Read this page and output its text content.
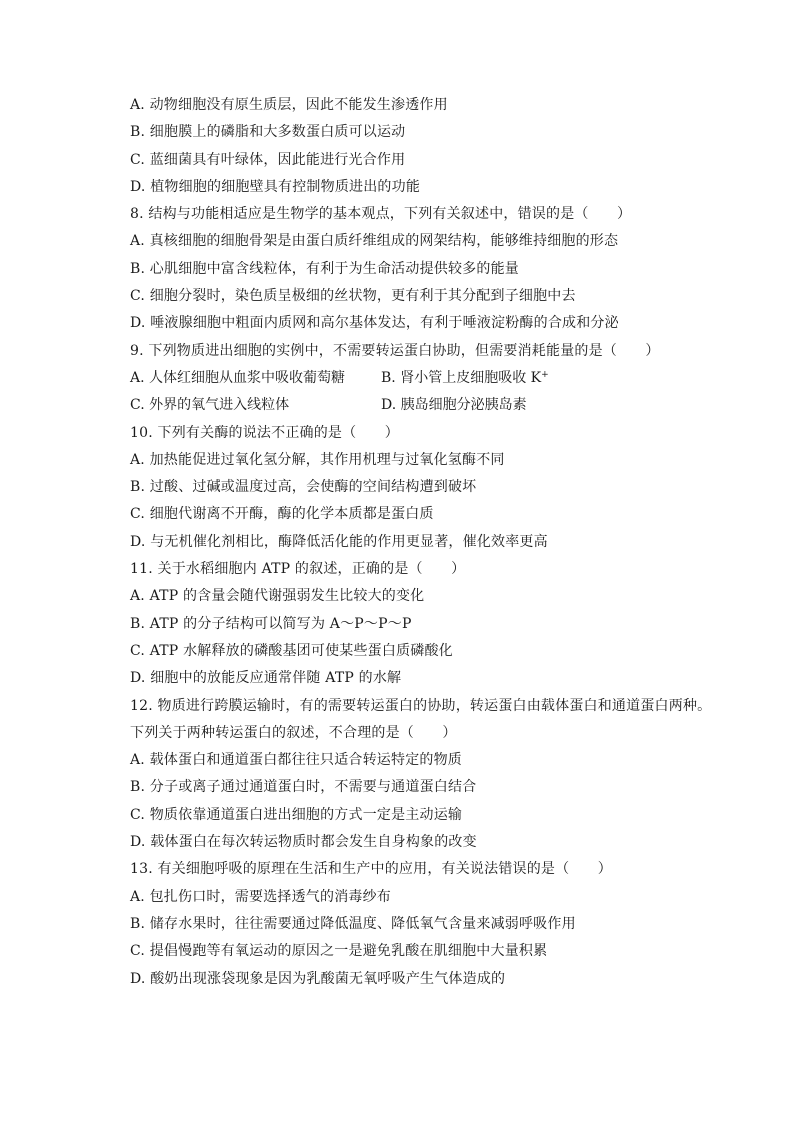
A. 动物细胞没有原生质层，因此不能发生渗透作用
B. 细胞膜上的磷脂和大多数蛋白质可以运动
C. 蓝细菌具有叶绿体，因此能进行光合作用
D. 植物细胞的细胞壁具有控制物质进出的功能
8. 结构与功能相适应是生物学的基本观点，下列有关叙述中，错误的是（　　）
A. 真核细胞的细胞骨架是由蛋白质纤维组成的网架结构，能够维持细胞的形态
B. 心肌细胞中富含线粒体，有利于为生命活动提供较多的能量
C. 细胞分裂时，染色质呈极细的丝状物，更有利于其分配到子细胞中去
D. 唾液腺细胞中粗面内质网和高尔基体发达，有利于唾液淀粉酶的合成和分泌
9. 下列物质进出细胞的实例中，不需要转运蛋白协助，但需要消耗能量的是（　　）
A. 人体红细胞从血浆中吸收葡萄糖	B. 肾小管上皮细胞吸收 K+
C. 外界的氧气进入线粒体	D. 胰岛细胞分泌胰岛素
10. 下列有关酶的说法不正确的是（　　）
A. 加热能促进过氧化氢分解，其作用机理与过氧化氢酶不同
B. 过酸、过碱或温度过高，会使酶的空间结构遭到破坏
C. 细胞代谢离不开酶，酶的化学本质都是蛋白质
D. 与无机催化剂相比，酶降低活化能的作用更显著，催化效率更高
11. 关于水稻细胞内 ATP 的叙述，正确的是（　　）
A. ATP 的含量会随代谢强弱发生比较大的变化
B. ATP 的分子结构可以简写为 A～P～P～P
C. ATP 水解释放的磷酸基团可使某些蛋白质磷酸化
D. 细胞中的放能反应通常伴随 ATP 的水解
12. 物质进行跨膜运输时，有的需要转运蛋白的协助，转运蛋白由载体蛋白和通道蛋白两种。
下列关于两种转运蛋白的叙述，不合理的是（　　）
A. 载体蛋白和通道蛋白都往往只适合转运特定的物质
B. 分子或离子通过通道蛋白时，不需要与通道蛋白结合
C. 物质依靠通道蛋白进出细胞的方式一定是主动运输
D. 载体蛋白在每次转运物质时都会发生自身构象的改变
13. 有关细胞呼吸的原理在生活和生产中的应用，有关说法错误的是（　　）
A. 包扎伤口时，需要选择透气的消毒纱布
B. 储存水果时，往往需要通过降低温度、降低氧气含量来减弱呼吸作用
C. 提倡慢跑等有氧运动的原因之一是避免乳酸在肌细胞中大量积累
D. 酸奶出现涨袋现象是因为乳酸菌无氧呼吸产生气体造成的
